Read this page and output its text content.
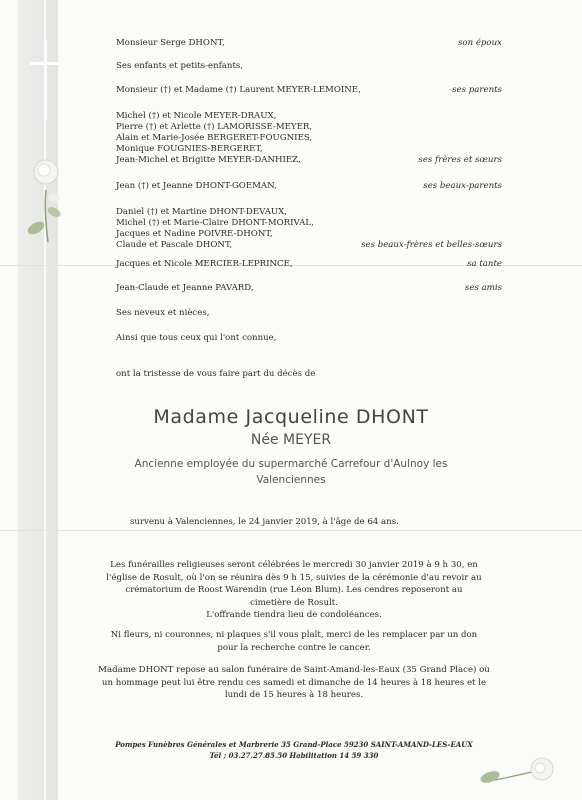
Monsieur Serge DHONT,	son époux
Ses enfants et petits-enfants,
Monsieur (†) et Madame (†) Laurent MEYER-LEMOINE,	ses parents
Michel (†) et Nicole MEYER-DRAUX,
Pierre (†) et Arlette (†) LAMORISSE-MEYER,
Alain et Marie-Josée BERGERET-FOUGNIES,
Monique FOUGNIES-BERGERET,
Jean-Michel et Brigitte MEYER-DANHIEZ,	ses frères et sœurs
Jean (†) et Jeanne DHONT-GOEMAN,	ses beaux-parents
Daniel (†) et Martine DHONT-DEVAUX,
Michel (†) et Marie-Claire DHONT-MORIVAL,
Jacques et Nadine POIVRE-DHONT,
Claude et Pascale DHONT,	ses beaux-frères et belles-sœurs
Jacques et Nicole MERCIER-LEPRINCE,	sa tante
Jean-Claude et Jeanne PAVARD,	ses amis
Ses neveux et nièces,
Ainsi que tous ceux qui l'ont connue,
ont la tristesse de vous faire part du décès de
Madame Jacqueline DHONT
Née MEYER
Ancienne employée du supermarché Carrefour d'Aulnoy les
Valenciennes
survenu à Valenciennes, le 24 janvier 2019, à l'âge de 64 ans.
Les funérailles religieuses seront célébrées le mercredi 30 janvier 2019 à 9 h 30, en
l'église de Rosult, où l'on se réunira dès 9 h 15, suivies de la cérémonie d'au revoir au
crématorium de Roost Warendin (rue Léon Blum). Les cendres reposeront au
cimetière de Rosult.
L'offrande tiendra lieu de condoléances.
Ni fleurs, ni couronnes, ni plaques s'il vous plaît, merci de les remplacer par un don
pour la recherche contre le cancer.
Madame DHONT repose au salon funéraire de Saint-Amand-les-Eaux (35 Grand Place) où
un hommage peut lui être rendu ces samedi et dimanche de 14 heures à 18 heures et le
lundi de 15 heures à 18 heures.
Pompes Funèbres Générales et Marbrerie 35 Grand-Place 59230 SAINT-AMAND-LES-EAUX
Tél ; 03.27.27.85.50 Habilitation 14 59 330
